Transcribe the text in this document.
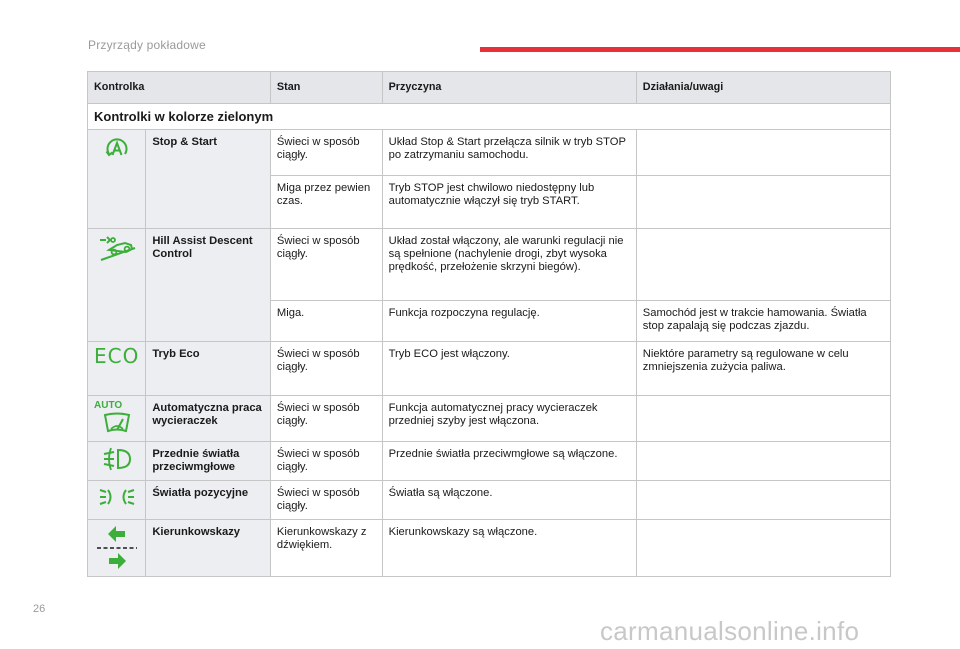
Przyrządy pokładowe
Kontrolka		Stan	Przyczyna	Działania/uwagi
Kontrolki w kolorze zielonym				

	Stop & Start	Świeci w sposób ciągły.	Układ Stop & Start przełącza silnik w tryb STOP po zatrzymaniu samochodu.	
		Miga przez pewien czas.	Tryb STOP jest chwilowo niedostępny lub automatycznie włączył się tryb START.	

	Hill Assist Descent Control	Świeci w sposób ciągły.	Układ został włączony, ale warunki regulacji nie są spełnione (nachylenie drogi, zbyt wysoka prędkość, przełożenie skrzyni biegów).	
		Miga.	Funkcja rozpoczyna regulację.	Samochód jest w trakcie hamowania. Światła stop zapalają się podczas zjazdu.

ECO	Tryb Eco	Świeci w sposób ciągły.	Tryb ECO jest włączony.	Niektóre parametry są regulowane w celu zmniejszenia zużycia paliwa.

AUTO	Automatyczna praca wycieraczek	Świeci w sposób ciągły.	Funkcja automatycznej pracy wycieraczek przedniej szyby jest włączona.	

	Przednie światła przeciwmgłowe	Świeci w sposób ciągły.	Przednie światła przeciwmgłowe są włączone.	

	Światła pozycyjne	Świeci w sposób ciągły.	Światła są włączone.	

	Kierunkowskazy	Kierunkowskazy z dźwiękiem.	Kierunkowskazy są włączone.	
26
carmanualsonline.info
